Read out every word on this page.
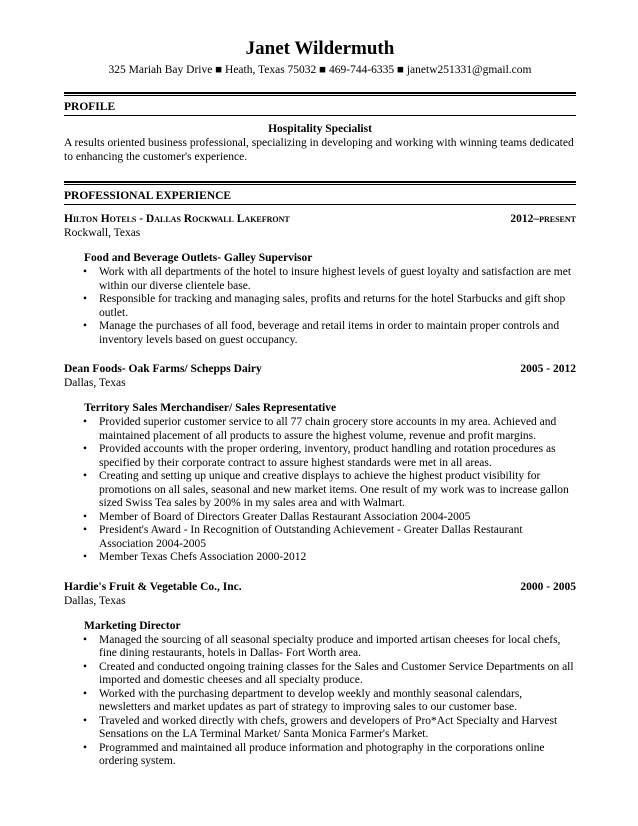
Janet Wildermuth
325 Mariah Bay Drive ■ Heath, Texas 75032 ■ 469-744-6335 ■ janetw251331@gmail.com
PROFILE
Hospitality Specialist
A results oriented business professional, specializing in developing and working with winning teams dedicated to enhancing the customer's experience.
PROFESSIONAL EXPERIENCE
Hilton Hotels - Dallas Rockwall Lakefront	2012–present
Rockwall, Texas
Food and Beverage Outlets- Galley Supervisor
• Work with all departments of the hotel to insure highest levels of guest loyalty and satisfaction are met within our diverse clientele base.
• Responsible for tracking and managing sales, profits and returns for the hotel Starbucks and gift shop outlet.
• Manage the purchases of all food, beverage and retail items in order to maintain proper controls and inventory levels based on guest occupancy.
Dean Foods- Oak Farms/ Schepps Dairy	2005 - 2012
Dallas, Texas
Territory Sales Merchandiser/ Sales Representative
• Provided superior customer service to all 77 chain grocery store accounts in my area. Achieved and maintained placement of all products to assure the highest volume, revenue and profit margins.
• Provided accounts with the proper ordering, inventory, product handling and rotation procedures as specified by their corporate contract to assure highest standards were met in all areas.
• Creating and setting up unique and creative displays to achieve the highest product visibility for promotions on all sales, seasonal and new market items. One result of my work was to increase gallon sized Swiss Tea sales by 200% in my sales area and with Walmart.
• Member of Board of Directors Greater Dallas Restaurant Association 2004-2005
• President's Award - In Recognition of Outstanding Achievement - Greater Dallas Restaurant Association 2004-2005
• Member Texas Chefs Association 2000-2012
Hardie's Fruit & Vegetable Co., Inc.	2000 - 2005
Dallas, Texas
Marketing Director
• Managed the sourcing of all seasonal specialty produce and imported artisan cheeses for local chefs, fine dining restaurants, hotels in Dallas- Fort Worth area.
• Created and conducted ongoing training classes for the Sales and Customer Service Departments on all imported and domestic cheeses and all specialty produce.
• Worked with the purchasing department to develop weekly and monthly seasonal calendars, newsletters and market updates as part of strategy to improving sales to our customer base.
• Traveled and worked directly with chefs, growers and developers of Pro*Act Specialty and Harvest Sensations on the LA Terminal Market/ Santa Monica Farmer's Market.
• Programmed and maintained all produce information and photography in the corporations online ordering system.
